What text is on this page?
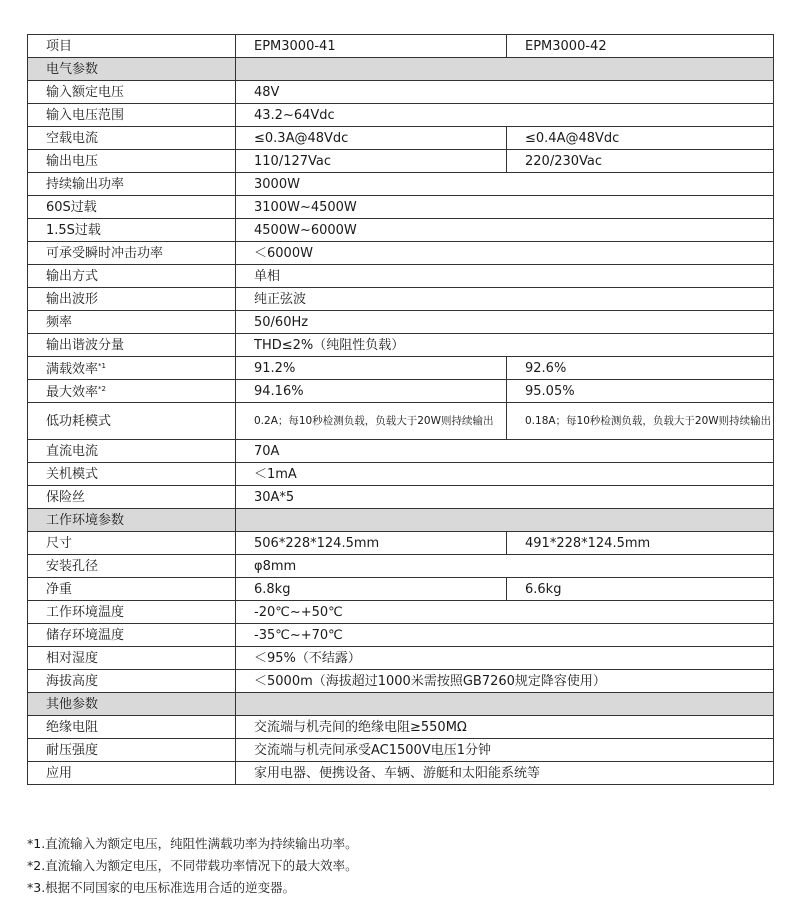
项目	EPM3000-41	EPM3000-42
电气参数		
输入额定电压	48V	
输入电压范围	43.2~64Vdc	
空载电流	≤0.3A@48Vdc	≤0.4A@48Vdc
输出电压	110/127Vac	220/230Vac
持续输出功率	3000W	
60S过载	3100W~4500W	
1.5S过载	4500W~6000W	
可承受瞬时冲击功率	＜6000W	
输出方式	单相	
输出波形	纯正弦波	
频率	50/60Hz	
输出谐波分量	THD≤2%（纯阻性负载）	
满载效率$^{*1}$	91.2%	92.6%
最大效率$^{*2}$	94.16%	95.05%
低功耗模式	0.2A；每10秒检测负载，负载大于20W则持续输出	0.18A；每10秒检测负载，负载大于20W则持续输出
直流电流	70A	
关机模式	＜1mA	
保险丝	30A*5	
工作环境参数		
尺寸	506*228*124.5mm	491*228*124.5mm
安装孔径	φ8mm	
净重	6.8kg	6.6kg
工作环境温度	-20℃~+50℃	
储存环境温度	-35℃~+70℃	
相对湿度	＜95%（不结露）	
海拔高度	＜5000m（海拔超过1000米需按照GB7260规定降容使用）	
其他参数		
绝缘电阻	交流端与机壳间的绝缘电阻≥550MΩ	
耐压强度	交流端与机壳间承受AC1500V电压1分钟	
应用	家用电器、便携设备、车辆、游艇和太阳能系统等	
*1.直流输入为额定电压，纯阻性满载功率为持续输出功率。
*2.直流输入为额定电压，不同带载功率情况下的最大效率。
*3.根据不同国家的电压标准选用合适的逆变器。
